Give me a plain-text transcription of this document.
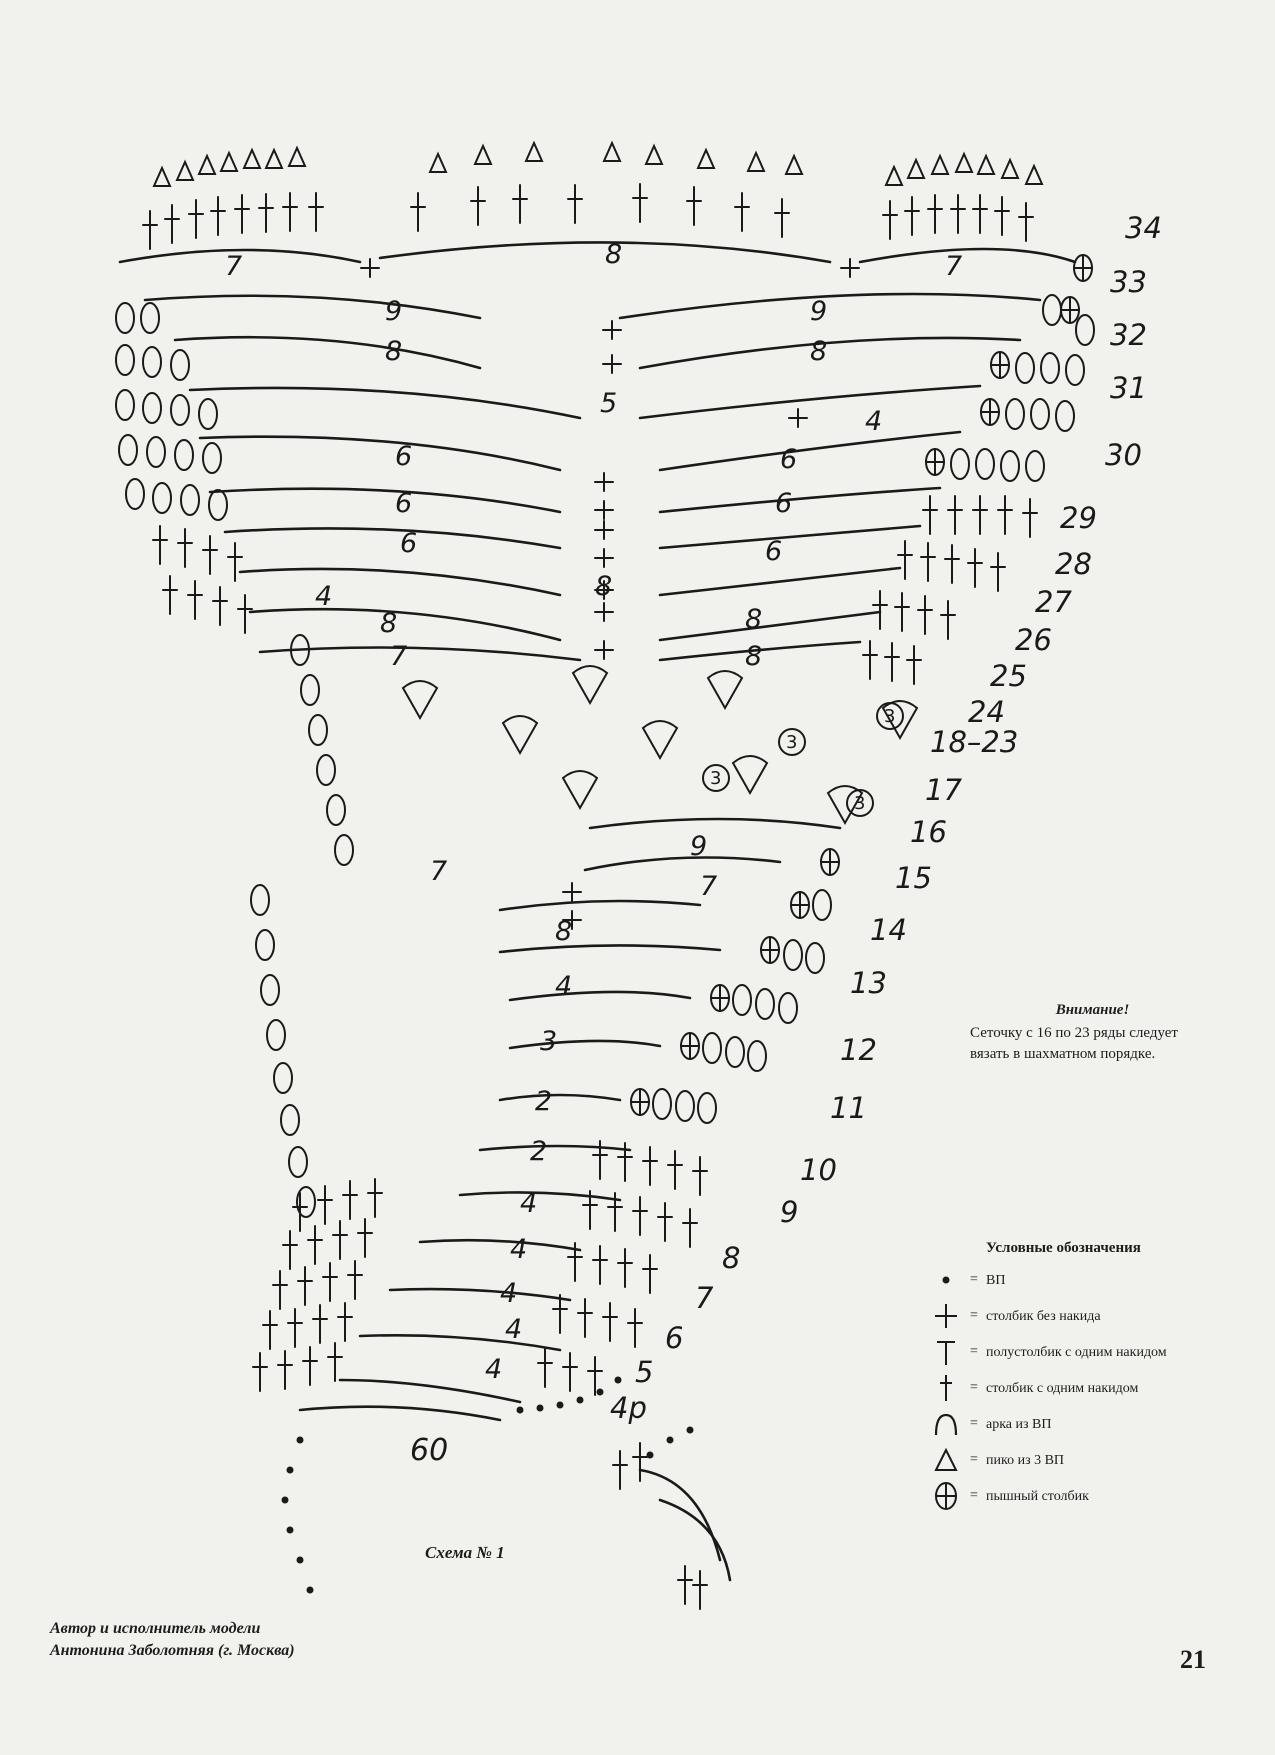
7	8	7
9	9
8	8
5
4
6	6
6	6
6	6
4	8
8	8
7	8
9
7	7
8
4
3
2
2
4
4
4
4
4
3
3
3
3
34
33
32
31
30
29
28
27
26
25
24
18–23
17
16
15
14
13
12
11
10
9
8
7
6
5
4р
60
Внимание!
Сеточку с 16 по 23 ряды следует вязать в шахматном порядке.
Условные обозначения
= ВП
= столбик без накида
= полустолбик с одним накидом
= столбик с одним накидом
= арка из ВП
= пико из 3 ВП
= пышный столбик
Схема № 1
Автор и исполнитель модели
Антонина Заболотняя (г. Москва)	21
